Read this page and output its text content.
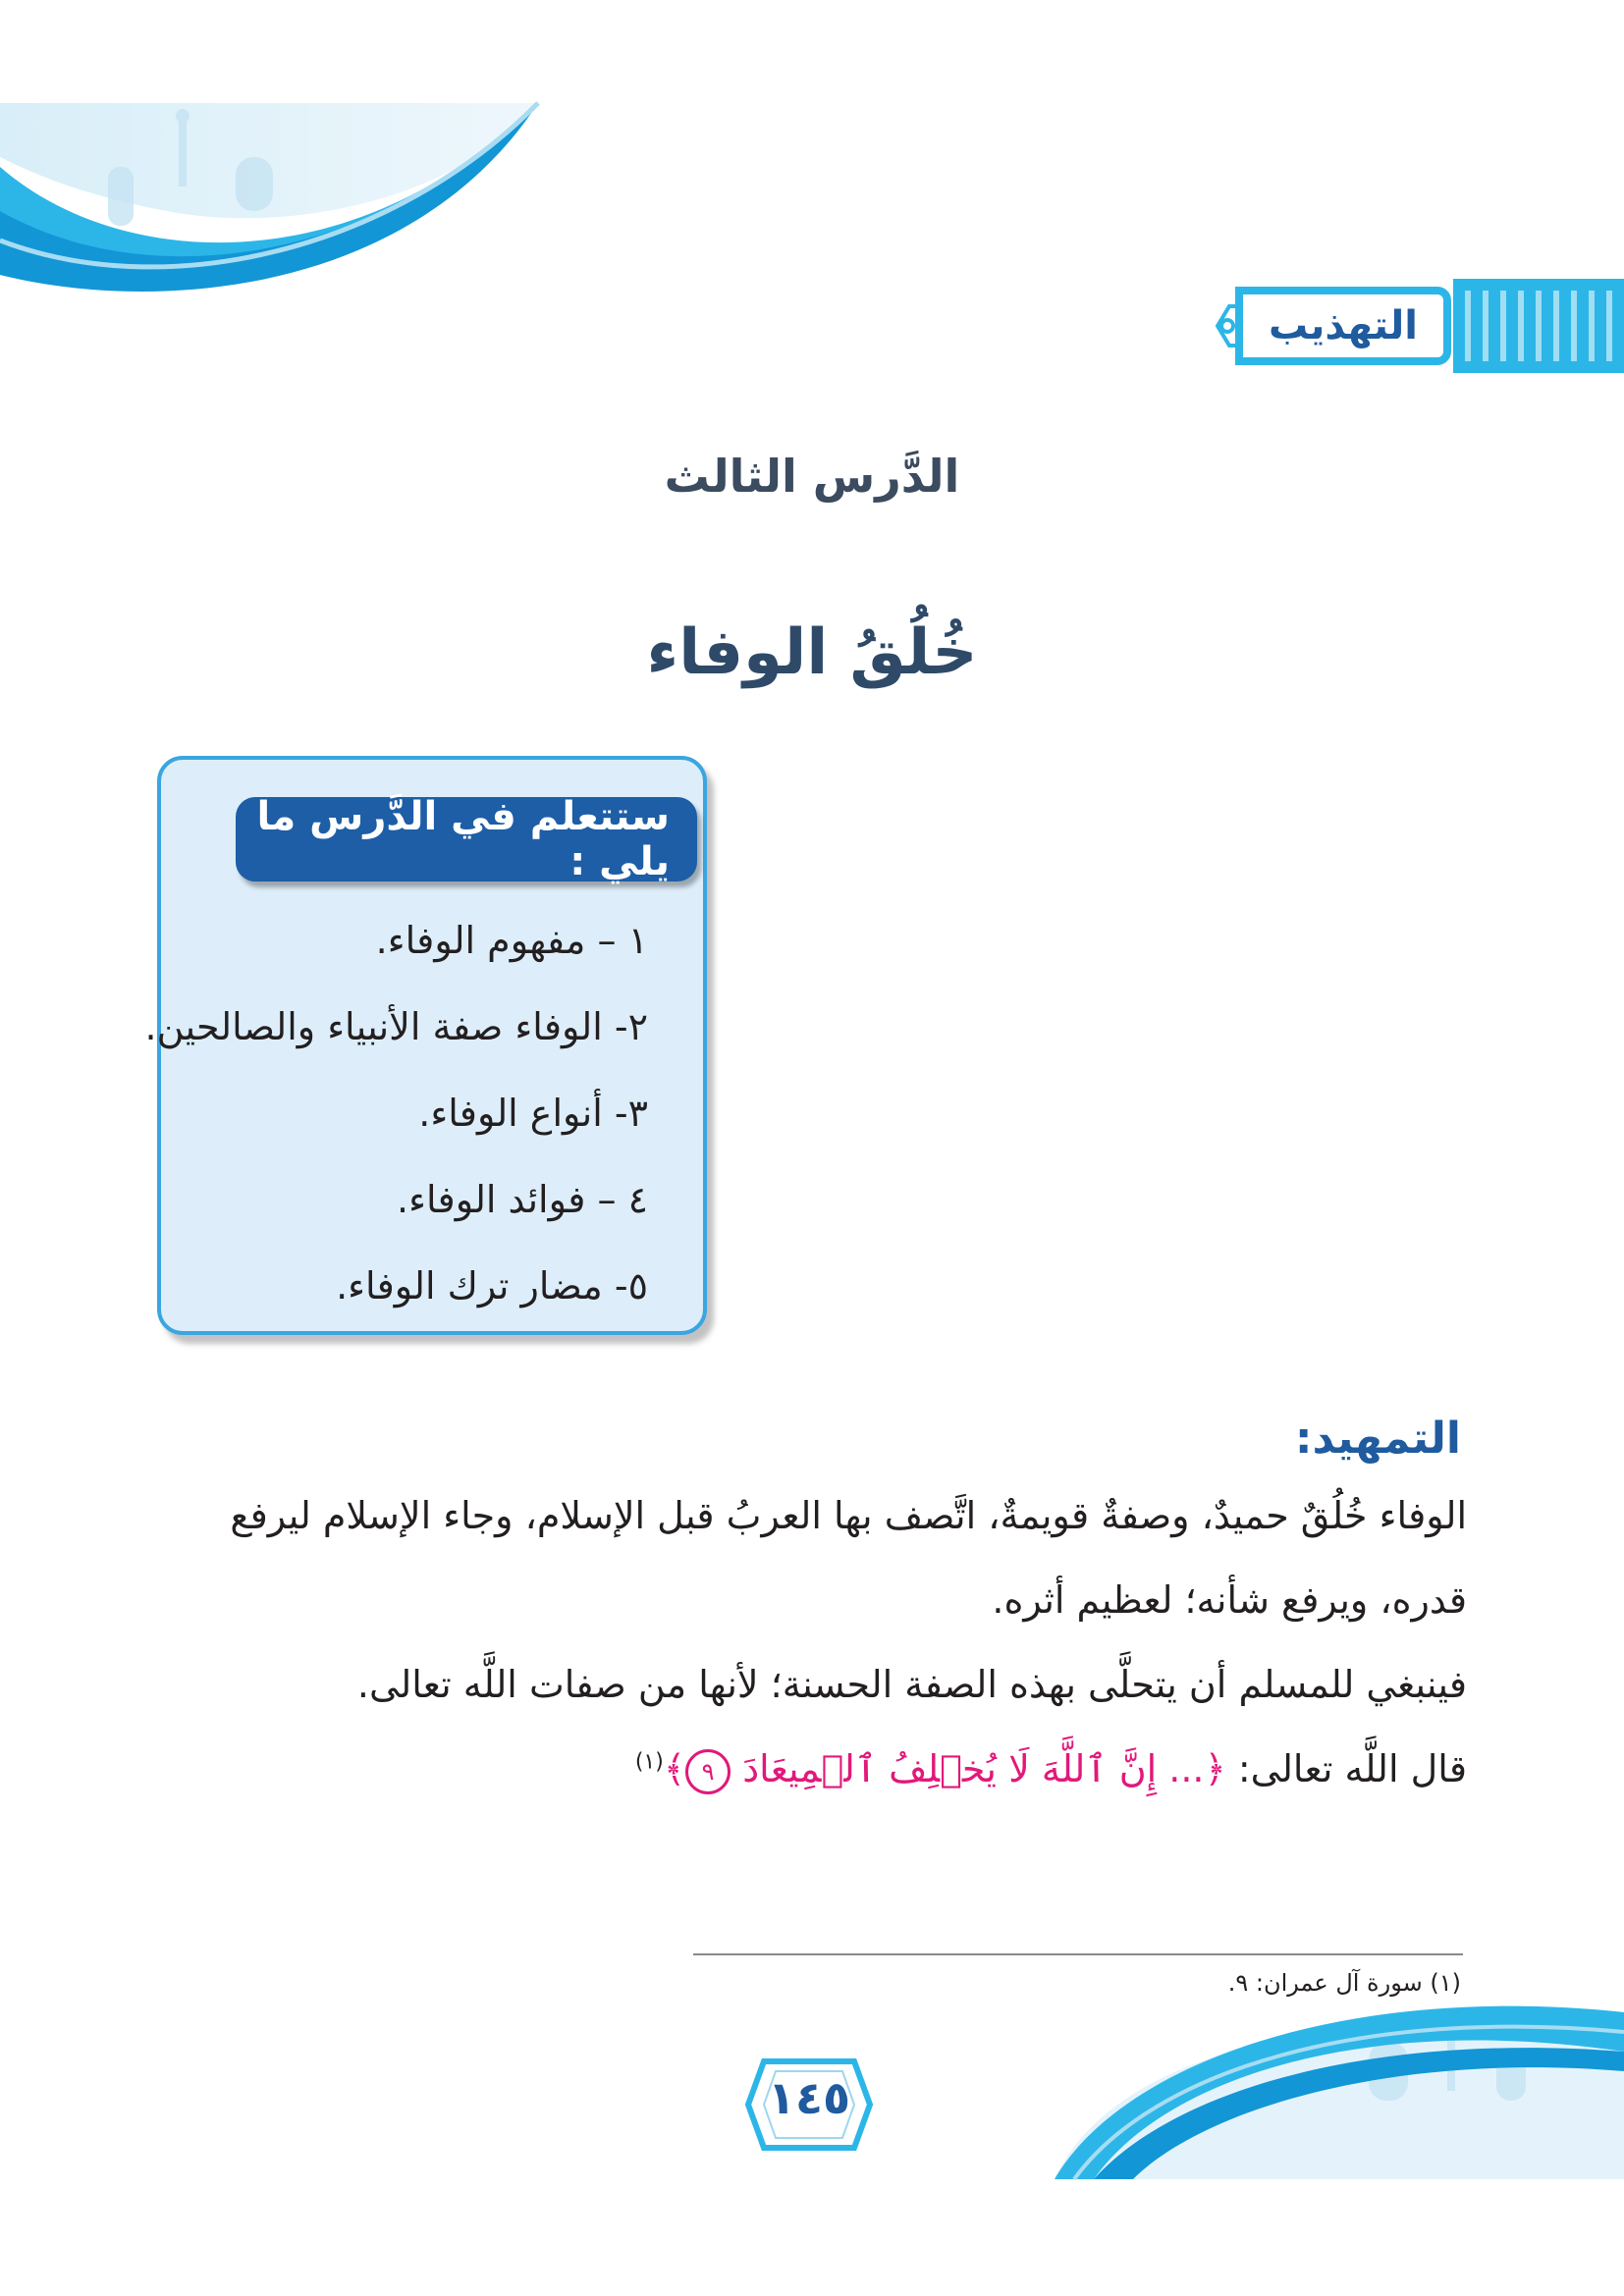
التهذيب
الدَّرس الثالث
خُلُقُ الوفاء
ستتعلم في الدَّرس ما يلي :
١ – مفهوم الوفاء.
٢- الوفاء صفة الأنبياء والصالحين.
٣- أنواع الوفاء.
٤ – فوائد الوفاء.
٥- مضار ترك الوفاء.
التمهيد:
الوفاء خُلُقٌ حميدٌ، وصفةٌ قويمةٌ، اتَّصف بها العربُ قبل الإسلام، وجاء الإسلام ليرفع
قدره، ويرفع شأنه؛ لعظيم أثره.
فينبغي للمسلم أن يتحلَّى بهذه الصفة الحسنة؛ لأنها من صفات اللَّه تعالى.
قال اللَّه تعالى: ﴿... إِنَّ ٱللَّهَ لَا يُخۡلِفُ ٱلۡمِيعَادَ ٩﴾$^{(١)}$
(١) سورة آل عمران: ٩.
١٤٥
